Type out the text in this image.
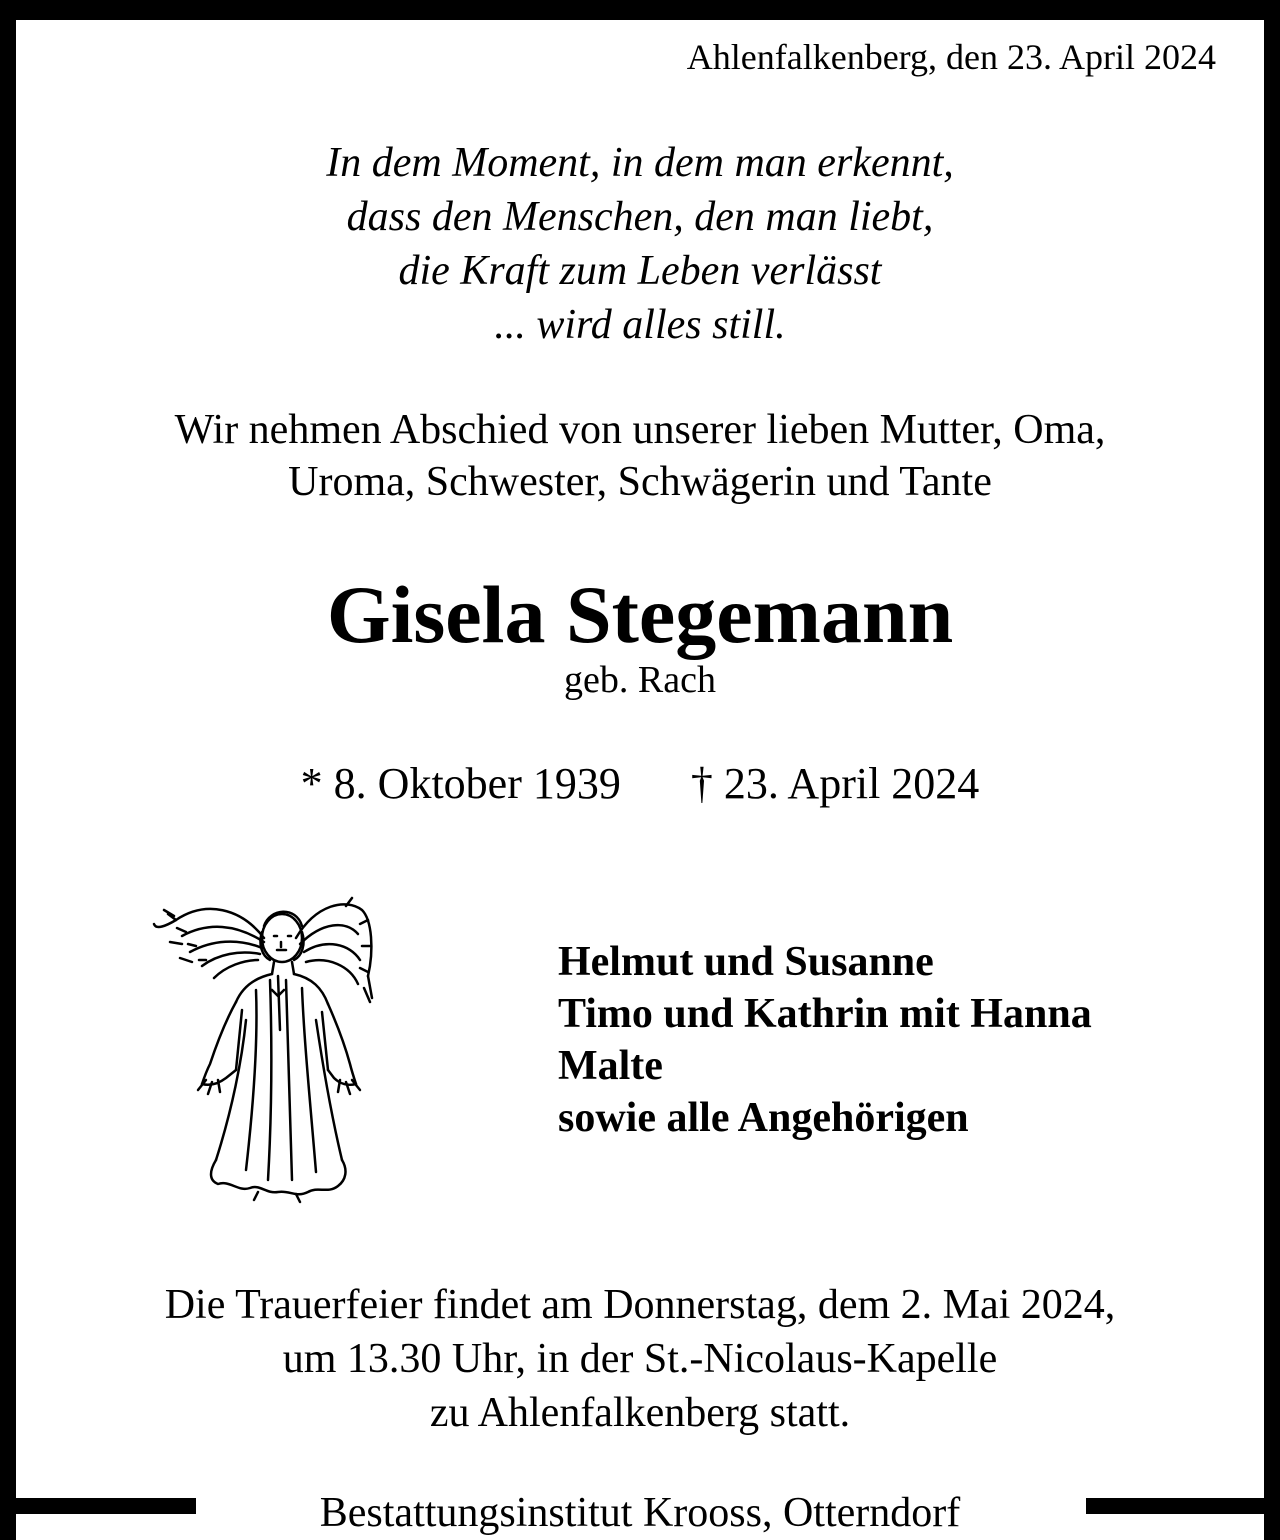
Ahlenfalkenberg, den 23. April 2024
In dem Moment, in dem man erkennt,
dass den Menschen, den man liebt,
die Kraft zum Leben verlässt
... wird alles still.
Wir nehmen Abschied von unserer lieben Mutter, Oma,
Uroma, Schwester, Schwägerin und Tante
Gisela Stegemann
geb. Rach
* 8. Oktober 1939 † 23. April 2024
Helmut und Susanne
Timo und Kathrin mit Hanna
Malte
sowie alle Angehörigen
Die Trauerfeier findet am Donnerstag, dem 2. Mai 2024,
um 13.30 Uhr, in der St.-Nicolaus-Kapelle
zu Ahlenfalkenberg statt.
Bestattungsinstitut Krooss, Otterndorf
